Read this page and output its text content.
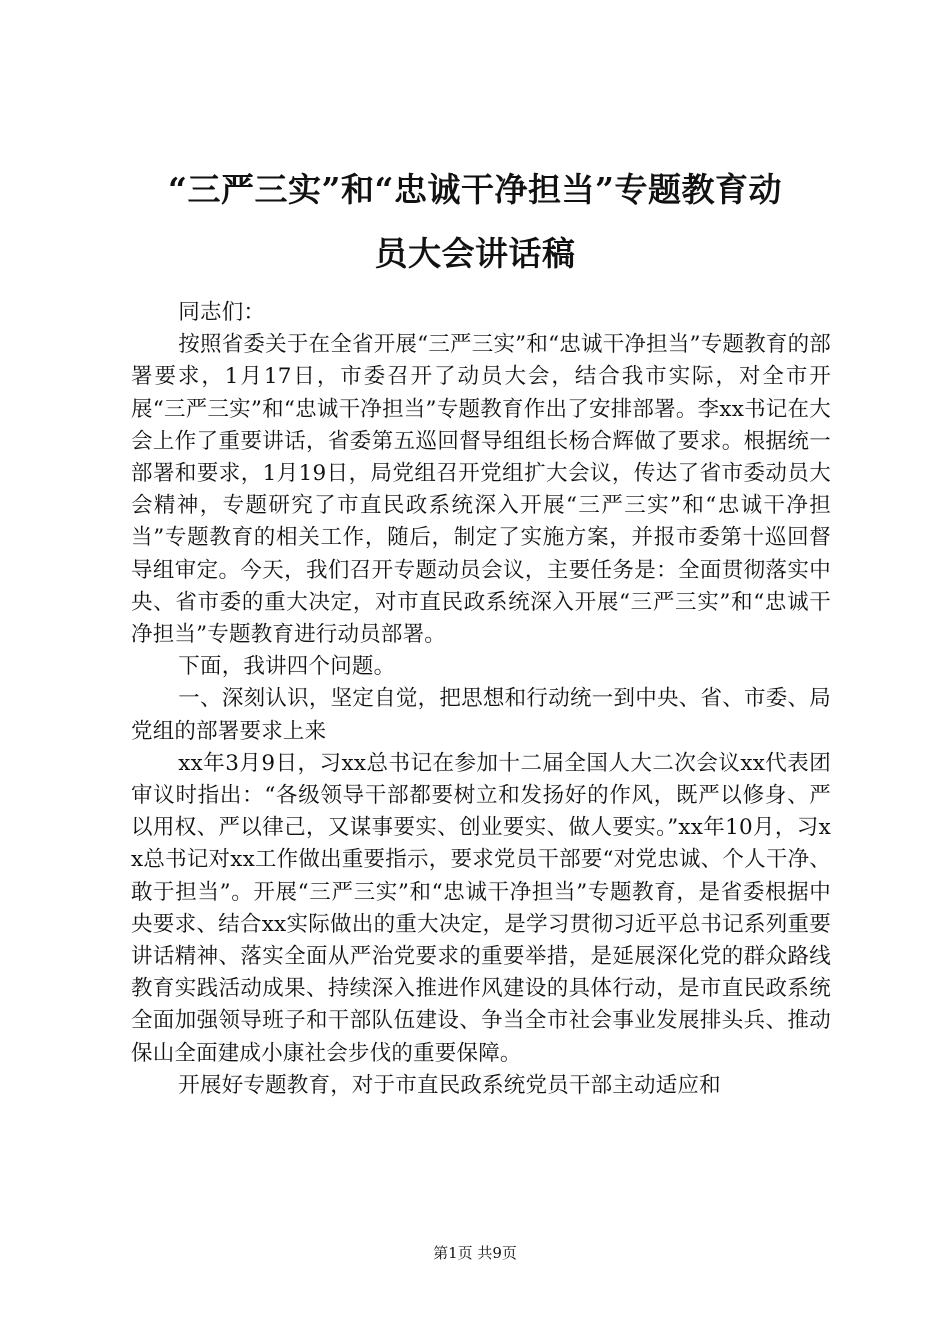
“三严三实”和“忠诚干净担当”专题教育动
员大会讲话稿

同志们：

按照省委关于在全省开展“三严三实”和“忠诚干净担当”专题教育的部署要求，1月17日，市委召开了动员大会，结合我市实际，对全市开展“三严三实”和“忠诚干净担当”专题教育作出了安排部署。李xx书记在大会上作了重要讲话，省委第五巡回督导组组长杨合辉做了要求。根据统一部署和要求，1月19日，局党组召开党组扩大会议，传达了省市委动员大会精神，专题研究了市直民政系统深入开展“三严三实”和“忠诚干净担当”专题教育的相关工作，随后，制定了实施方案，并报市委第十巡回督导组审定。今天，我们召开专题动员会议，主要任务是：全面贯彻落实中央、省市委的重大决定，对市直民政系统深入开展“三严三实”和“忠诚干净担当”专题教育进行动员部署。

下面，我讲四个问题。

一、深刻认识，坚定自觉，把思想和行动统一到中央、省、市委、局党组的部署要求上来

xx年3月9日，习xx总书记在参加十二届全国人大二次会议xx代表团审议时指出：“各级领导干部都要树立和发扬好的作风，既严以修身、严以用权、严以律己，又谋事要实、创业要实、做人要实。”xx年10月，习xx总书记对xx工作做出重要指示，要求党员干部要“对党忠诚、个人干净、敢于担当”。开展“三严三实”和“忠诚干净担当”专题教育，是省委根据中央要求、结合xx实际做出的重大决定，是学习贯彻习近平总书记系列重要讲话精神、落实全面从严治党要求的重要举措，是延展深化党的群众路线教育实践活动成果、持续深入推进作风建设的具体行动，是市直民政系统全面加强领导班子和干部队伍建设、争当全市社会事业发展排头兵、推动保山全面建成小康社会步伐的重要保障。

开展好专题教育，对于市直民政系统党员干部主动适应和

第1页 共9页
